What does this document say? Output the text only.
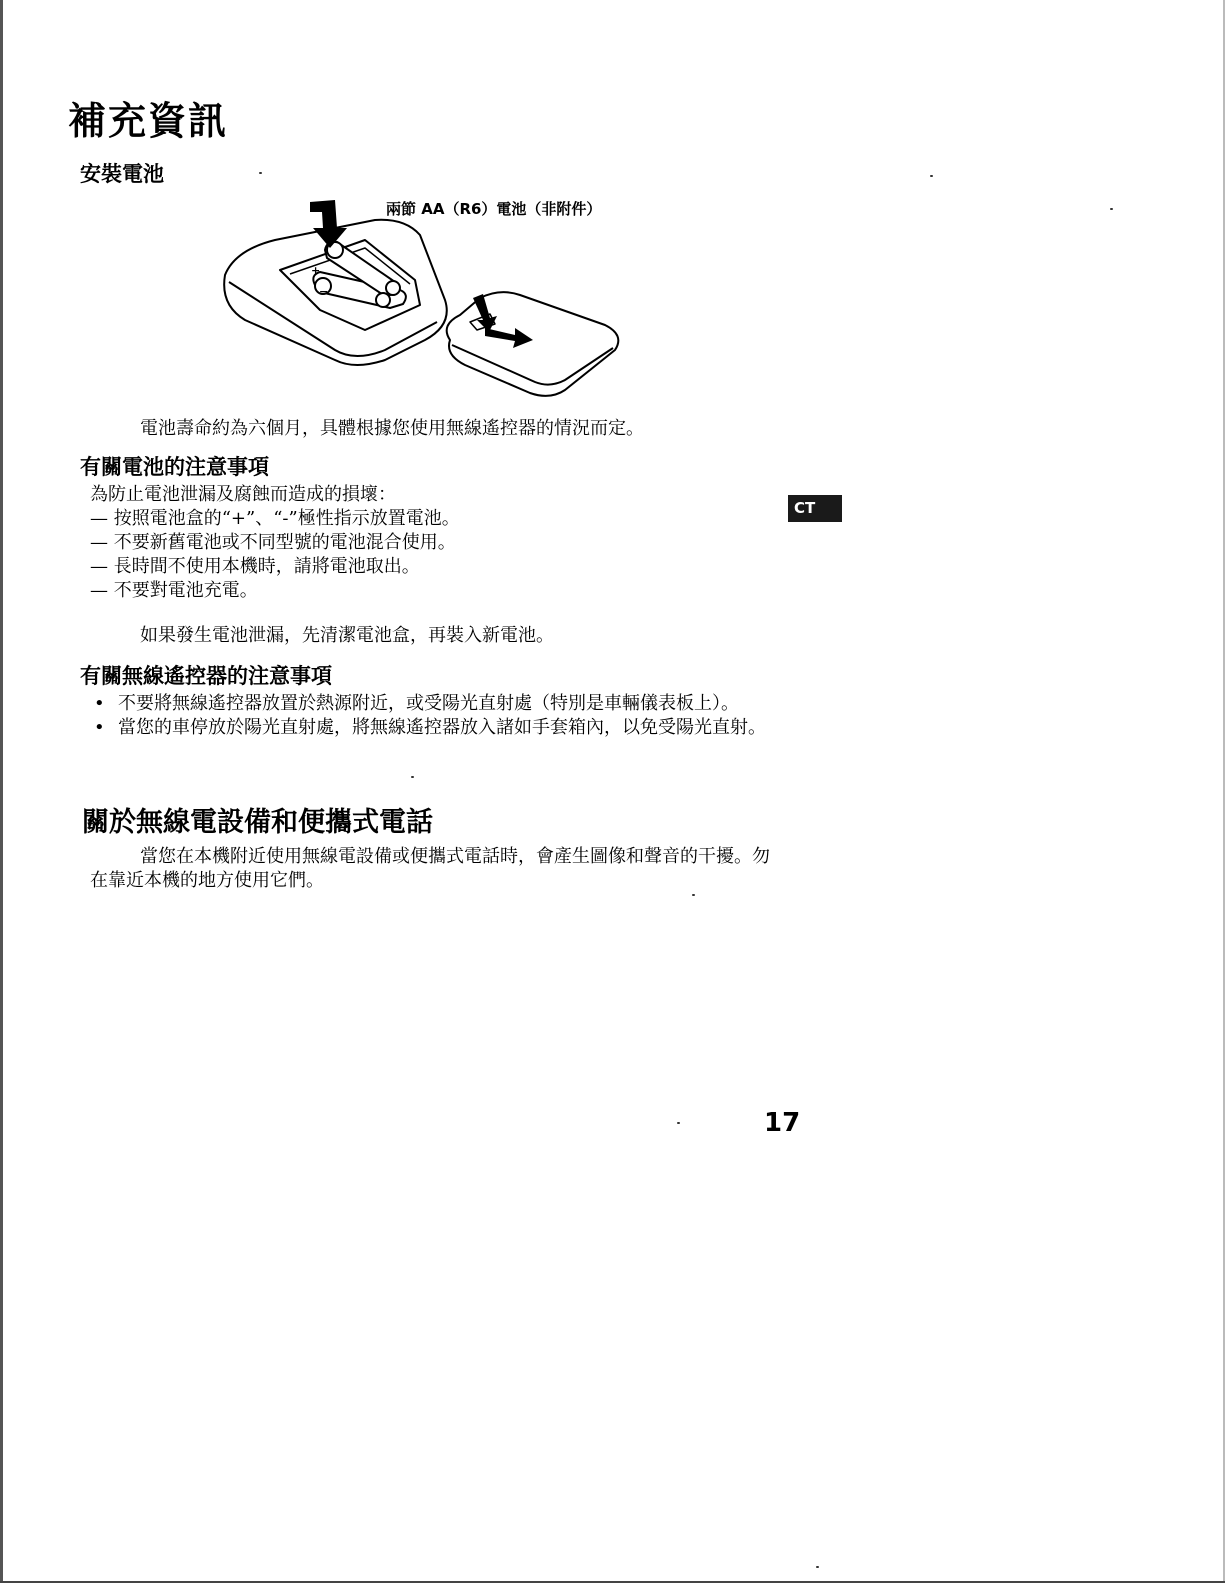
補充資訊
安裝電池
兩節 AA（R6）電池（非附件）
+
−
電池壽命約為六個月，具體根據您使用無線遙控器的情況而定。
有關電池的注意事項
為防止電池泄漏及腐蝕而造成的損壞：
— 按照電池盒的“+”、“-”極性指示放置電池。
— 不要新舊電池或不同型號的電池混合使用。
— 長時間不使用本機時，請將電池取出。
— 不要對電池充電。
如果發生電池泄漏，先清潔電池盒，再裝入新電池。
有關無線遙控器的注意事項
• 不要將無線遙控器放置於熱源附近，或受陽光直射處（特別是車輛儀表板上）。
• 當您的車停放於陽光直射處，將無線遙控器放入諸如手套箱內，以免受陽光直射。
關於無線電設備和便攜式電話
當您在本機附近使用無線電設備或便攜式電話時，會產生圖像和聲音的干擾。勿在靠近本機的地方使用它們。
CT
17
